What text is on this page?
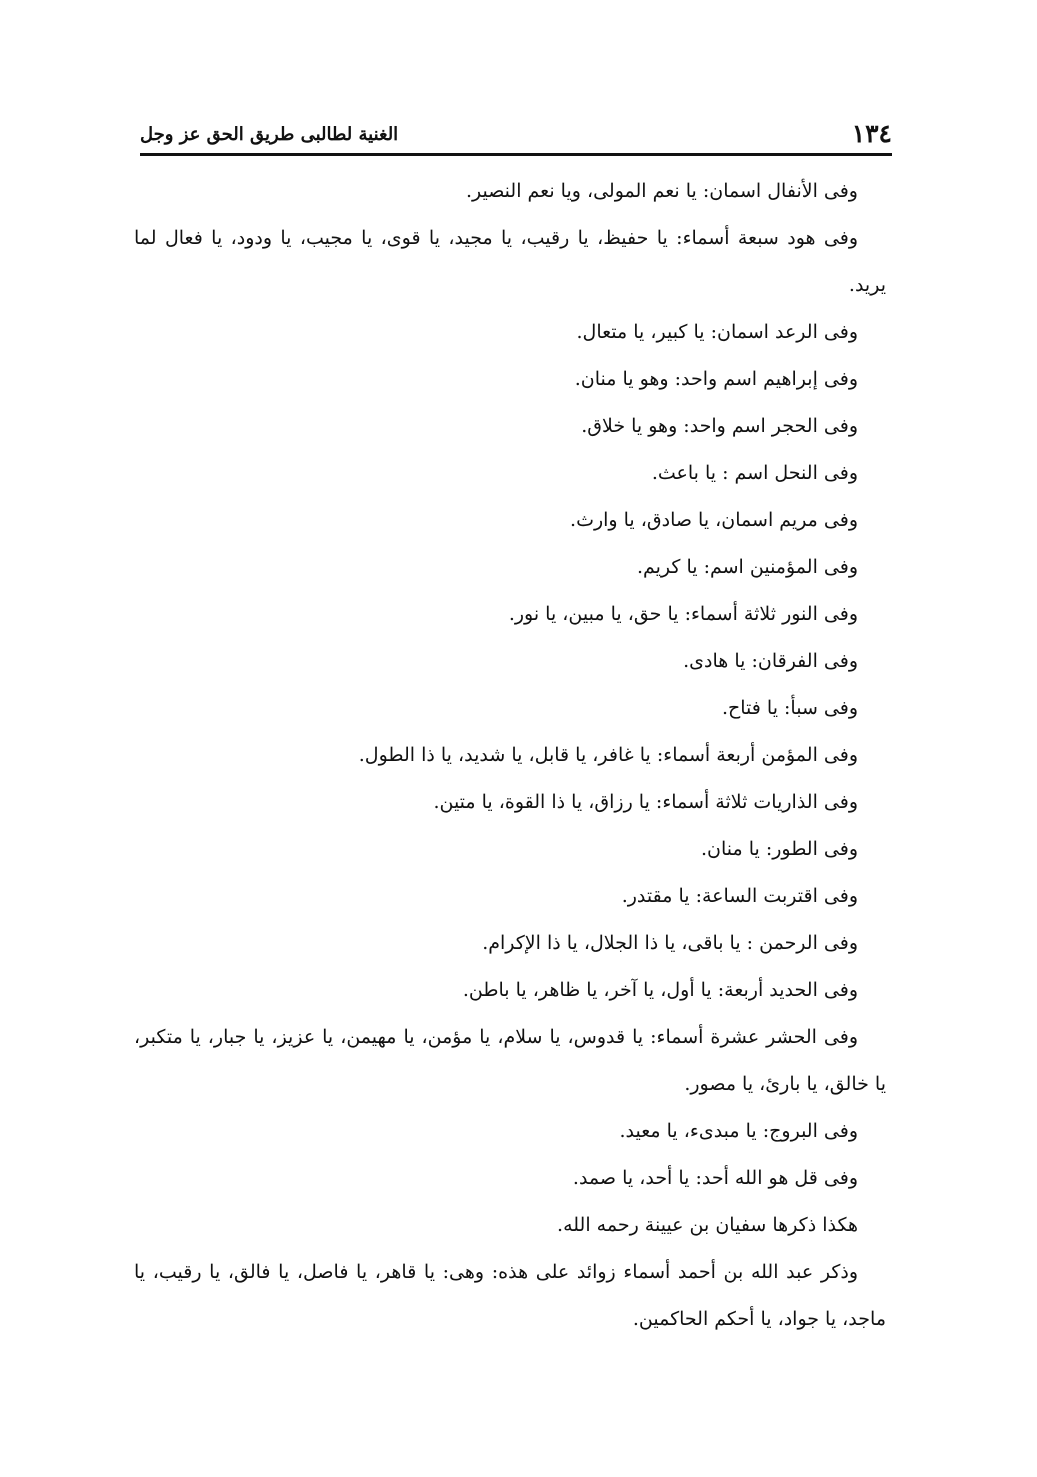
١٣٤
الغنية لطالبى طريق الحق عز وجل

وفى الأنفال اسمان: يا نعم المولى، ويا نعم النصير.

وفى هود سبعة أسماء: يا حفيظ، يا رقيب، يا مجيد، يا قوى، يا مجيب، يا ودود، يا فعال لما يريد.

وفى الرعد اسمان: يا كبير، يا متعال.

وفى إبراهيم اسم واحد: وهو يا منان.

وفى الحجر اسم واحد: وهو يا خلاق.

وفى النحل اسم : يا باعث.

وفى مريم اسمان، يا صادق، يا وارث.

وفى المؤمنين اسم: يا كريم.

وفى النور ثلاثة أسماء: يا حق، يا مبين، يا نور.

وفى الفرقان: يا هادى.

وفى سبأ: يا فتاح.

وفى المؤمن أربعة أسماء: يا غافر، يا قابل، يا شديد، يا ذا الطول.

وفى الذاريات ثلاثة أسماء: يا رزاق، يا ذا القوة، يا متين.

وفى الطور: يا منان.

وفى اقتربت الساعة: يا مقتدر.

وفى الرحمن : يا باقى، يا ذا الجلال، يا ذا الإكرام.

وفى الحديد أربعة: يا أول، يا آخر، يا ظاهر، يا باطن.

وفى الحشر عشرة أسماء: يا قدوس، يا سلام، يا مؤمن، يا مهيمن، يا عزيز، يا جبار، يا متكبر، يا خالق، يا بارئ، يا مصور.

وفى البروج: يا مبدىء، يا معيد.

وفى قل هو الله أحد: يا أحد، يا صمد.

هكذا ذكرها سفيان بن عيينة رحمه الله.

وذكر عبد الله بن أحمد أسماء زوائد على هذه: وهى: يا قاهر، يا فاصل، يا فالق، يا رقيب، يا ماجد، يا جواد، يا أحكم الحاكمين.
